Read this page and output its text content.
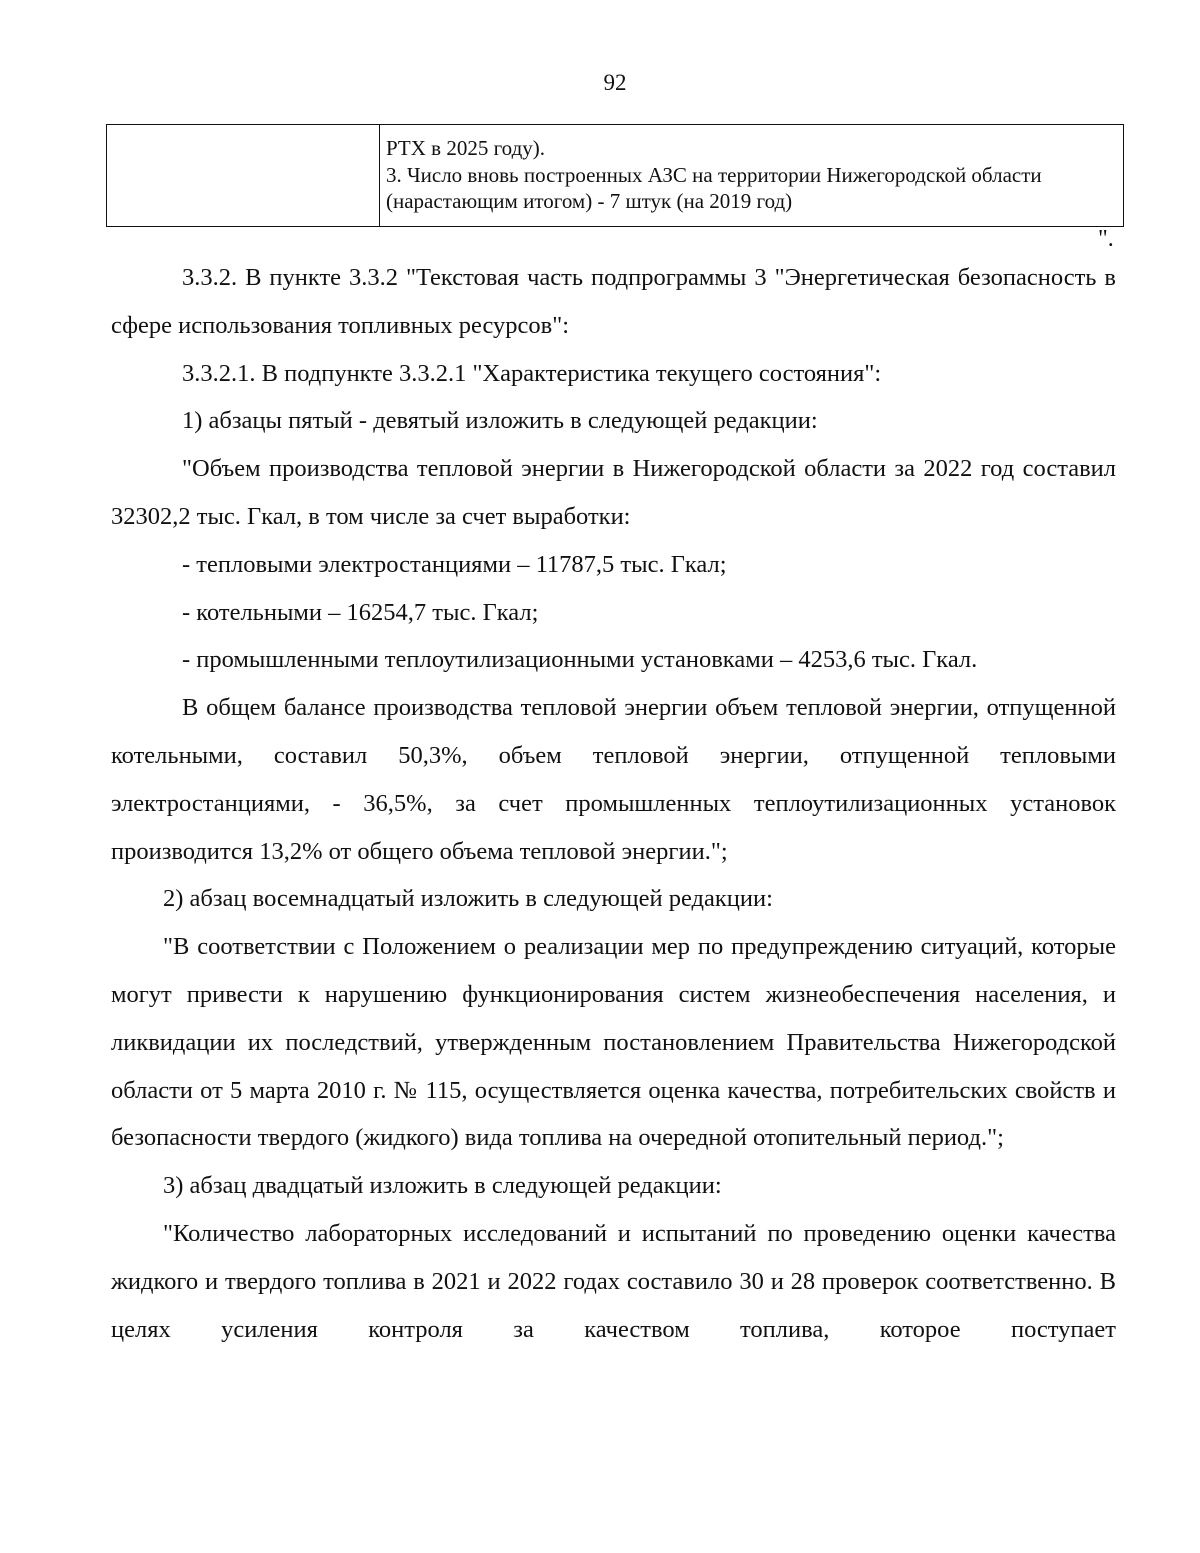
92

РТХ в 2025 году).
3. Число вновь построенных АЗС на территории Нижегородской области
(нарастающим итогом) - 7 штук (на 2019 год)
".

3.3.2. В пункте 3.3.2 "Текстовая часть подпрограммы 3 "Энергетическая безопасность в сфере использования топливных ресурсов":

3.3.2.1. В подпункте 3.3.2.1 "Характеристика текущего состояния":

1) абзацы пятый - девятый изложить в следующей редакции:

"Объем производства тепловой энергии в Нижегородской области за 2022 год составил 32302,2 тыс. Гкал, в том числе за счет выработки:

- тепловыми электростанциями – 11787,5 тыс. Гкал;

- котельными – 16254,7 тыс. Гкал;

- промышленными теплоутилизационными установками – 4253,6 тыс. Гкал.

В общем балансе производства тепловой энергии объем тепловой энергии, отпущенной котельными, составил 50,3%, объем тепловой энергии, отпущенной тепловыми электростанциями, - 36,5%, за счет промышленных теплоутилизационных установок производится 13,2% от общего объема тепловой энергии.";

2) абзац восемнадцатый изложить в следующей редакции:

"В соответствии с Положением о реализации мер по предупреждению ситуаций, которые могут привести к нарушению функционирования систем жизнеобеспечения населения, и ликвидации их последствий, утвержденным постановлением Правительства Нижегородской области от 5 марта 2010 г. № 115, осуществляется оценка качества, потребительских свойств и безопасности твердого (жидкого) вида топлива на очередной отопительный период.";

3) абзац двадцатый изложить в следующей редакции:

"Количество лабораторных исследований и испытаний по проведению оценки качества жидкого и твердого топлива в 2021 и 2022 годах составило 30 и 28 проверок соответственно. В целях усиления контроля за качеством топлива, которое поступает
